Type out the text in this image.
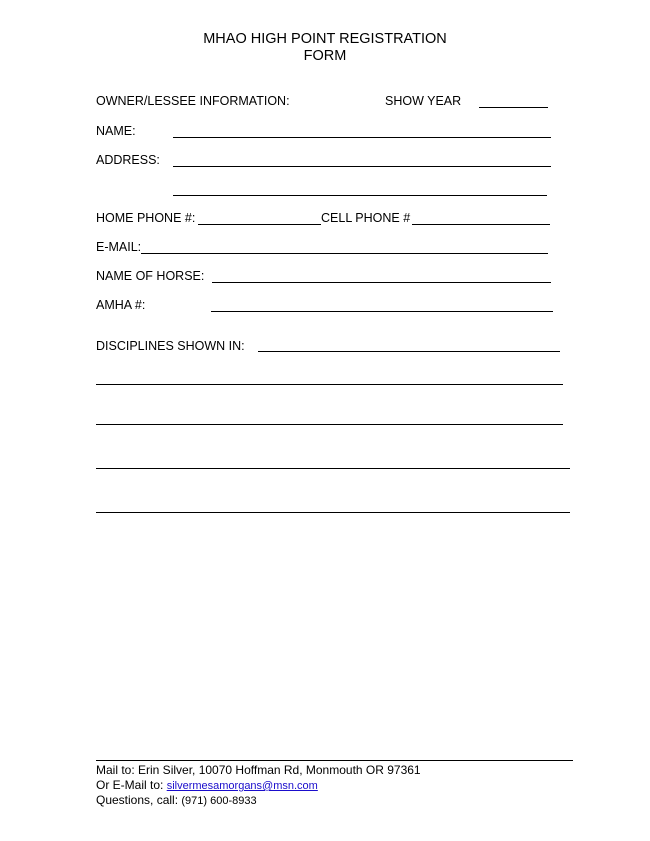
MHAO HIGH POINT REGISTRATION
FORM
OWNER/LESSEE INFORMATION:	SHOW YEAR
NAME:
ADDRESS:
HOME PHONE #:	CELL PHONE #
E-MAIL:
NAME OF HORSE:
AMHA #:
DISCIPLINES SHOWN IN:
Mail to: Erin Silver, 10070 Hoffman Rd, Monmouth OR 97361
Or E-Mail to: silvermesamorgans@msn.com
Questions, call: (971) 600-8933
